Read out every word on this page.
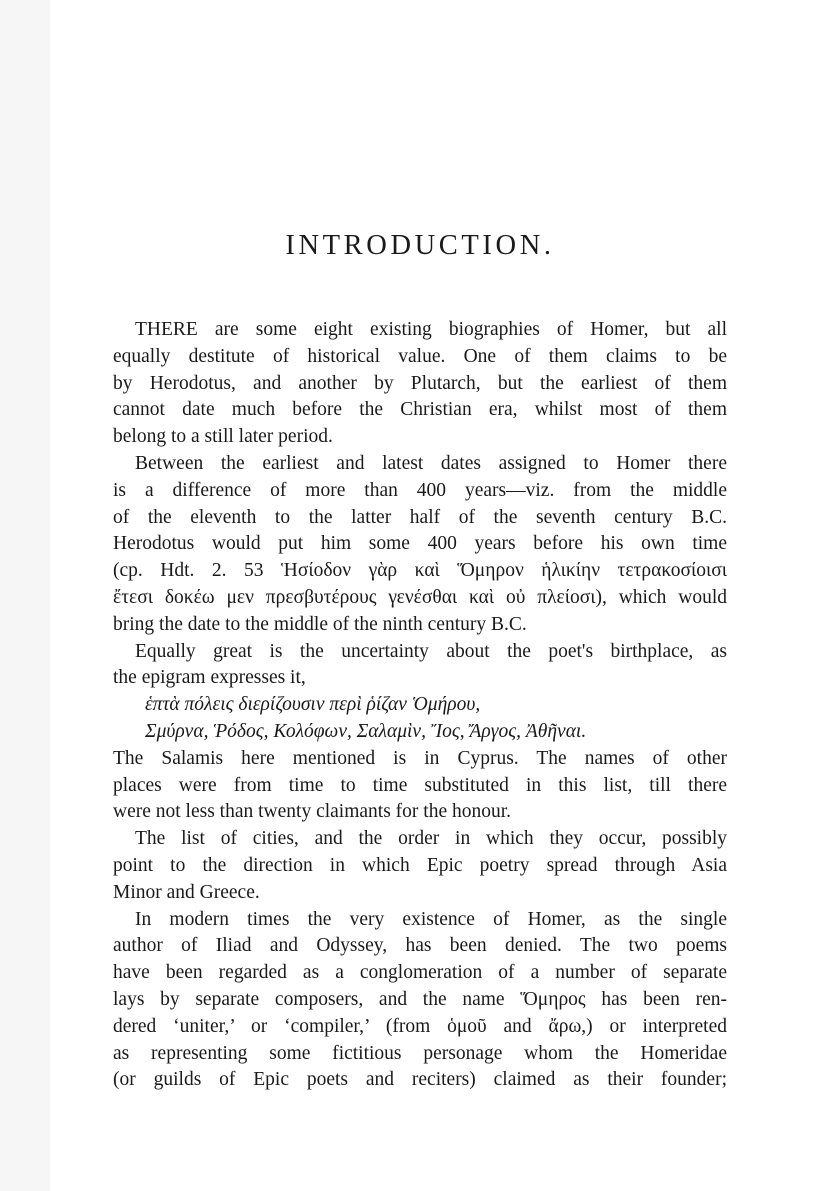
INTRODUCTION.
THERE are some eight existing biographies of Homer, but all
equally destitute of historical value. One of them claims to be
by Herodotus, and another by Plutarch, but the earliest of them
cannot date much before the Christian era, whilst most of them
belong to a still later period.
Between the earliest and latest dates assigned to Homer there
is a difference of more than 400 years—viz. from the middle
of the eleventh to the latter half of the seventh century B.C.
Herodotus would put him some 400 years before his own time
(cp. Hdt. 2. 53 Ἡσίοδον γὰρ καὶ Ὅμηρον ἡλικίην τετρακοσίοισι
ἔτεσι δοκέω μεν πρεσβυτέρους γενέσθαι καὶ οὐ πλείοσι), which would
bring the date to the middle of the ninth century B.C.
Equally great is the uncertainty about the poet's birthplace, as
the epigram expresses it,
ἑπτὰ πόλεις διερίζουσιν περὶ ῥίζαν Ὁμήρου,
Σμύρνα, Ῥόδος, Κολόφων, Σαλαμὶν, Ἴος, Ἄργος, Ἀθῆναι.
The Salamis here mentioned is in Cyprus. The names of other
places were from time to time substituted in this list, till there
were not less than twenty claimants for the honour.
The list of cities, and the order in which they occur, possibly
point to the direction in which Epic poetry spread through Asia
Minor and Greece.
In modern times the very existence of Homer, as the single
author of Iliad and Odyssey, has been denied. The two poems
have been regarded as a conglomeration of a number of separate
lays by separate composers, and the name Ὅμηρος has been ren-
dered ‘uniter,’ or ‘compiler,’ (from ὁμοῦ and ἄρω,) or interpreted
as representing some fictitious personage whom the Homeridae
(or guilds of Epic poets and reciters) claimed as their founder;
